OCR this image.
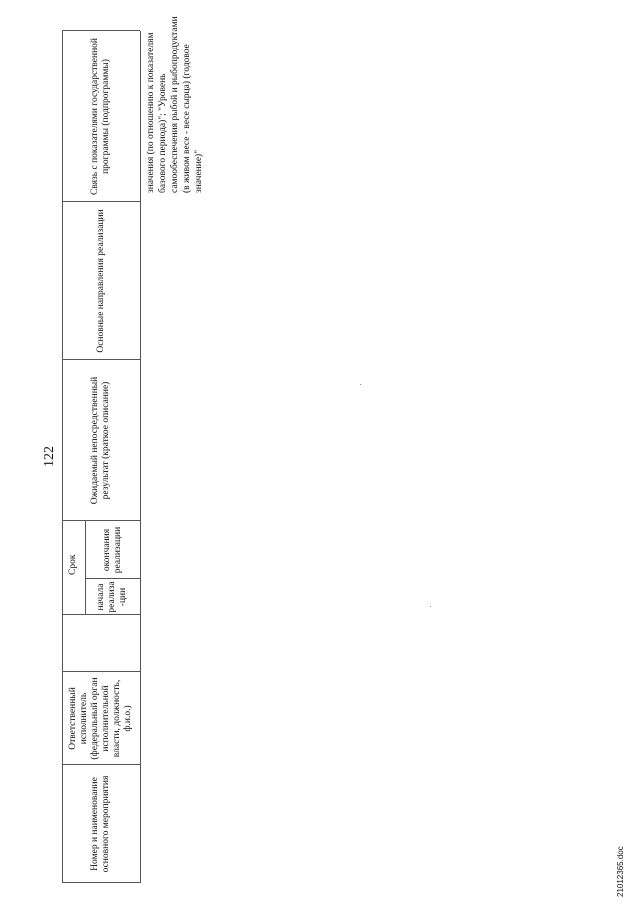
122
21012365.doc
Номер и наименование основного мероприятия
Ответственный исполнитель (федеральный орган исполнительной власти, должность, ф.и.о.)
Срок
начала реализа-ции
окончания реализации
Ожидаемый непосредственный результат (краткое описание)
Основные направления реализации
Связь с показателями государственной программы (подпрограммы)	значения (по отношению к показателям базового периода)"; "Уровень самообеспечения рыбой и рыбопродуктами (в живом весе - весе сырца) (годовое значение)"
